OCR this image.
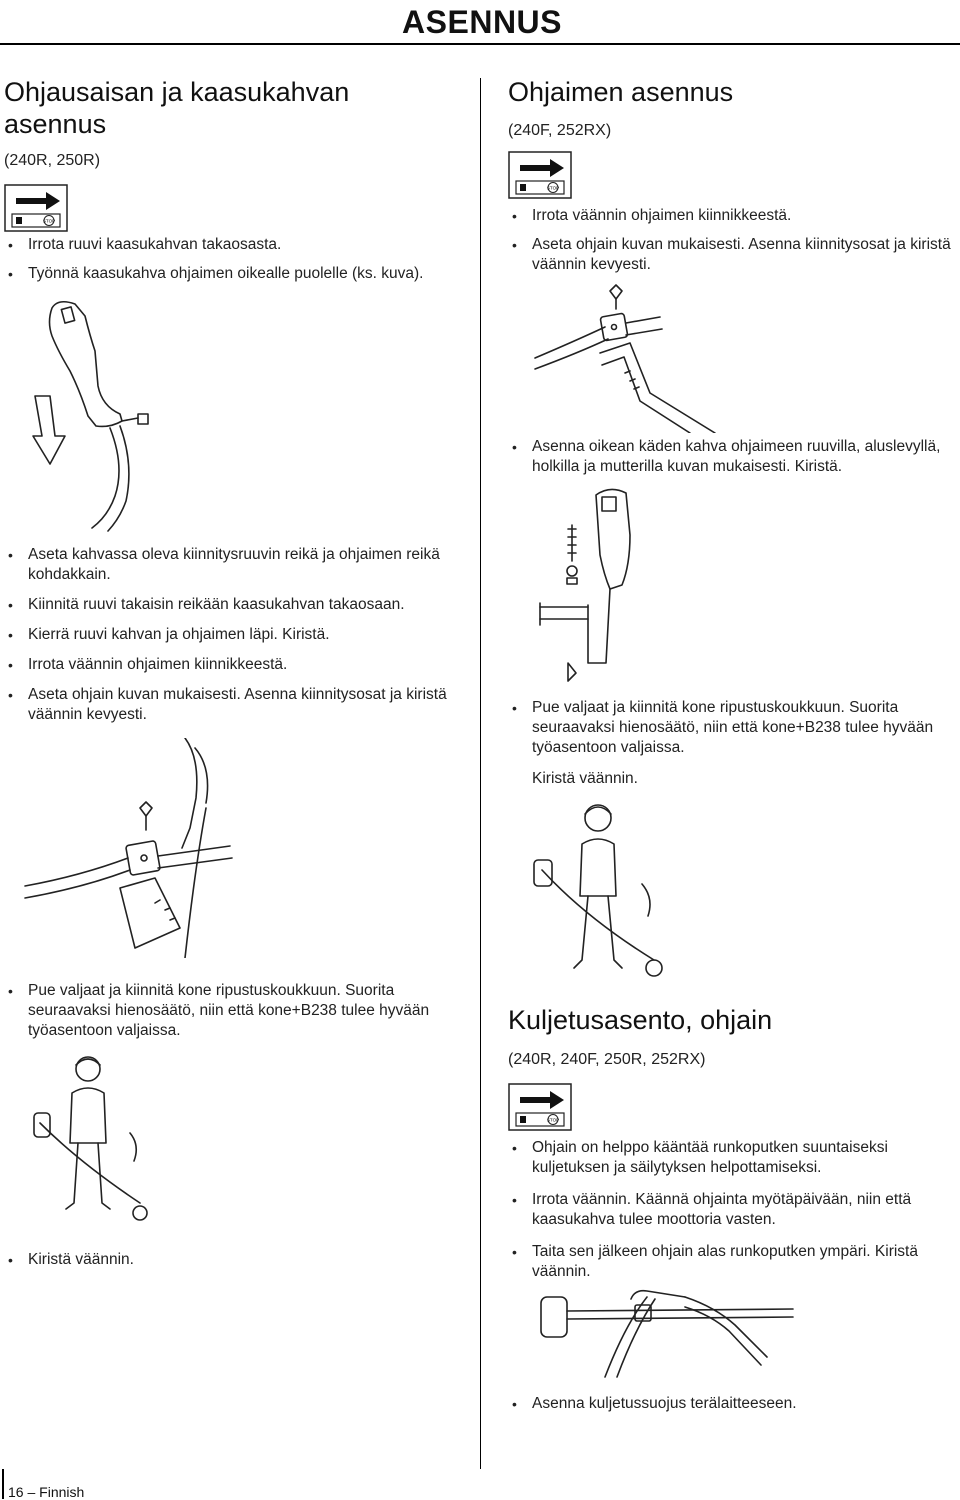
ASENNUS
Ohjausaisan ja kaasukahvan
asennus
(240R, 250R)
STOP
• Irrota ruuvi kaasukahvan takaosasta.
• Työnnä kaasukahva ohjaimen oikealle puolelle (ks. kuva).
• Aseta kahvassa oleva kiinnitysruuvin reikä ja ohjaimen reikä kohdakkain.
• Kiinnitä ruuvi takaisin reikään kaasukahvan takaosaan.
• Kierrä ruuvi kahvan ja ohjaimen läpi. Kiristä.
• Irrota väännin ohjaimen kiinnikkeestä.
• Aseta ohjain kuvan mukaisesti. Asenna kiinnitysosat ja kiristä väännin kevyesti.
• Pue valjaat ja kiinnitä kone ripustuskoukkuun. Suorita seuraavaksi hienosäätö, niin että kone+B238 tulee hyvään työasentoon valjaissa.
• Kiristä väännin.
Ohjaimen asennus
(240F, 252RX)
STOP
• Irrota väännin ohjaimen kiinnikkeestä.
• Aseta ohjain kuvan mukaisesti. Asenna kiinnitysosat ja kiristä väännin kevyesti.
• Asenna oikean käden kahva ohjaimeen ruuvilla, aluslevyllä, holkilla ja mutterilla kuvan mukaisesti. Kiristä.
• Pue valjaat ja kiinnitä kone ripustuskoukkuun. Suorita seuraavaksi hienosäätö, niin että kone+B238 tulee hyvään työasentoon valjaissa.
Kiristä väännin.
Kuljetusasento, ohjain
(240R, 240F, 250R, 252RX)
STOP
• Ohjain on helppo kääntää runkoputken suuntaiseksi kuljetuksen ja säilytyksen helpottamiseksi.
• Irrota väännin. Käännä ohjainta myötäpäivään, niin että kaasukahva tulee moottoria vasten.
• Taita sen jälkeen ohjain alas runkoputken ympäri. Kiristä väännin.
• Asenna kuljetussuojus terälaitteeseen.
16 – Finnish
